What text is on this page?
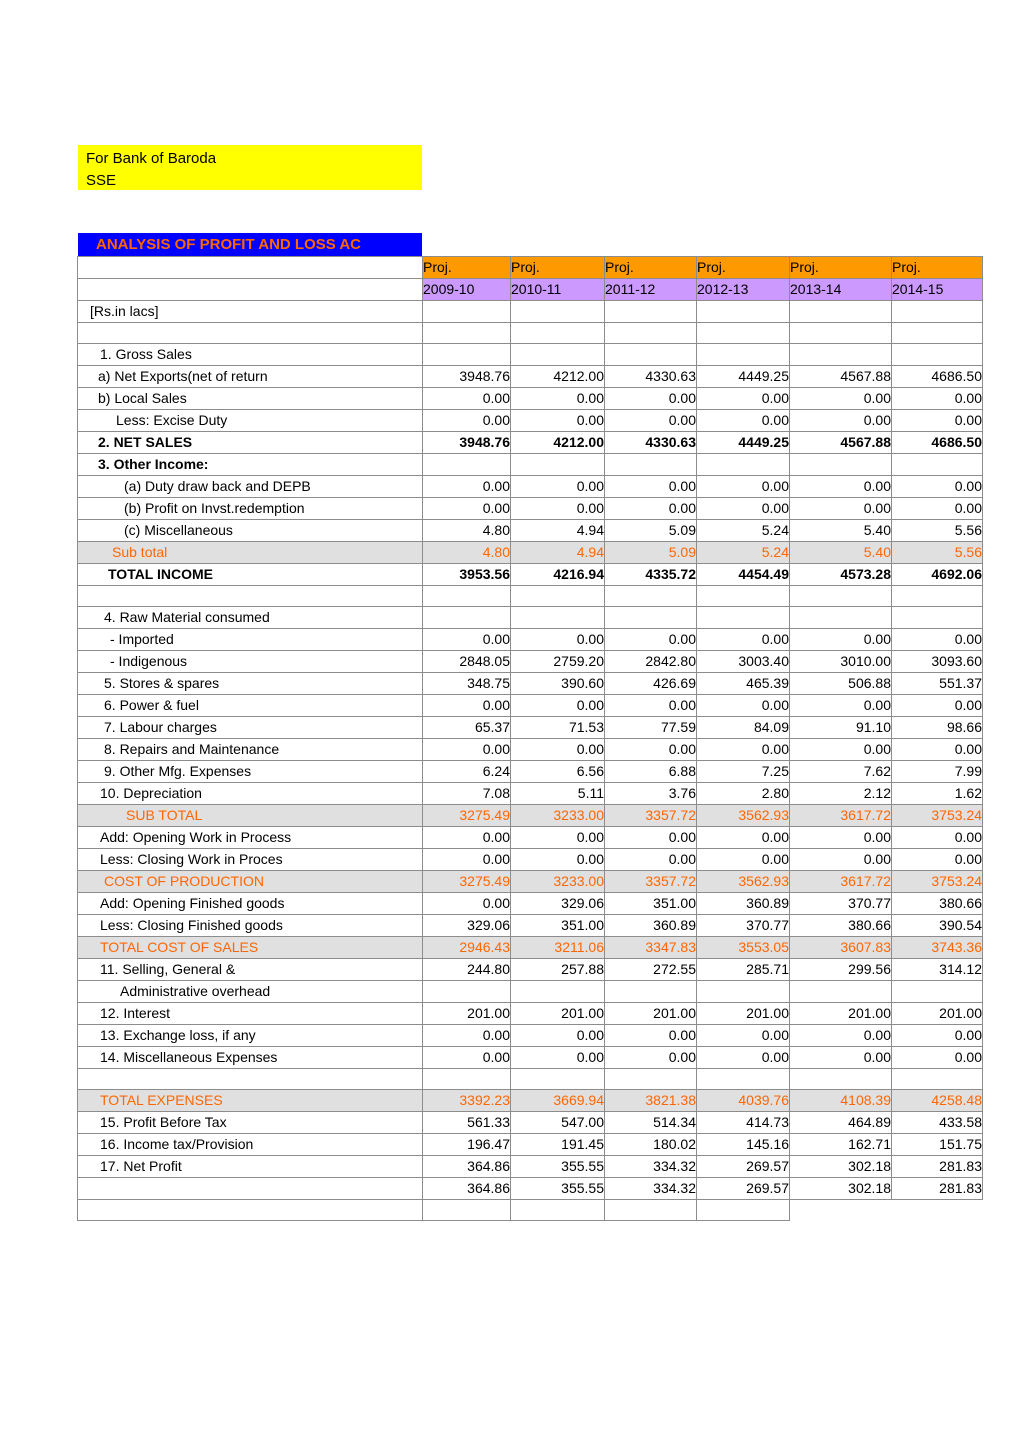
For Bank of Baroda
SSE
ANALYSIS OF PROFIT AND LOSS AC
	Proj.	Proj.	Proj.	Proj.	Proj.	Proj.
	2009-10	2010-11	2011-12	2012-13	2013-14	2014-15
[Rs.in lacs]						

1. Gross Sales						
a) Net Exports(net of return	3948.76	4212.00	4330.63	4449.25	4567.88	4686.50
b) Local Sales	0.00	0.00	0.00	0.00	0.00	0.00
Less: Excise Duty	0.00	0.00	0.00	0.00	0.00	0.00
2. NET SALES	3948.76	4212.00	4330.63	4449.25	4567.88	4686.50
3. Other Income:						
(a) Duty draw back and DEPB	0.00	0.00	0.00	0.00	0.00	0.00
(b) Profit on Invst.redemption	0.00	0.00	0.00	0.00	0.00	0.00
(c) Miscellaneous	4.80	4.94	5.09	5.24	5.40	5.56
Sub total	4.80	4.94	5.09	5.24	5.40	5.56
TOTAL INCOME	3953.56	4216.94	4335.72	4454.49	4573.28	4692.06

4. Raw Material consumed						
- Imported	0.00	0.00	0.00	0.00	0.00	0.00
- Indigenous	2848.05	2759.20	2842.80	3003.40	3010.00	3093.60
5. Stores & spares	348.75	390.60	426.69	465.39	506.88	551.37
6. Power & fuel	0.00	0.00	0.00	0.00	0.00	0.00
7. Labour charges	65.37	71.53	77.59	84.09	91.10	98.66
8. Repairs and Maintenance	0.00	0.00	0.00	0.00	0.00	0.00
9. Other Mfg. Expenses	6.24	6.56	6.88	7.25	7.62	7.99
10. Depreciation	7.08	5.11	3.76	2.80	2.12	1.62
SUB TOTAL	3275.49	3233.00	3357.72	3562.93	3617.72	3753.24
Add: Opening Work in Process	0.00	0.00	0.00	0.00	0.00	0.00
Less: Closing Work in Proces	0.00	0.00	0.00	0.00	0.00	0.00
COST OF PRODUCTION	3275.49	3233.00	3357.72	3562.93	3617.72	3753.24
Add: Opening Finished goods	0.00	329.06	351.00	360.89	370.77	380.66
Less: Closing Finished goods	329.06	351.00	360.89	370.77	380.66	390.54
TOTAL COST OF SALES	2946.43	3211.06	3347.83	3553.05	3607.83	3743.36
11. Selling, General &	244.80	257.88	272.55	285.71	299.56	314.12
Administrative overhead						
12. Interest	201.00	201.00	201.00	201.00	201.00	201.00
13. Exchange loss, if any	0.00	0.00	0.00	0.00	0.00	0.00
14. Miscellaneous Expenses	0.00	0.00	0.00	0.00	0.00	0.00

TOTAL EXPENSES	3392.23	3669.94	3821.38	4039.76	4108.39	4258.48
15. Profit Before Tax	561.33	547.00	514.34	414.73	464.89	433.58
16. Income tax/Provision	196.47	191.45	180.02	145.16	162.71	151.75
17. Net Profit	364.86	355.55	334.32	269.57	302.18	281.83
	364.86	355.55	334.32	269.57	302.18	281.83
